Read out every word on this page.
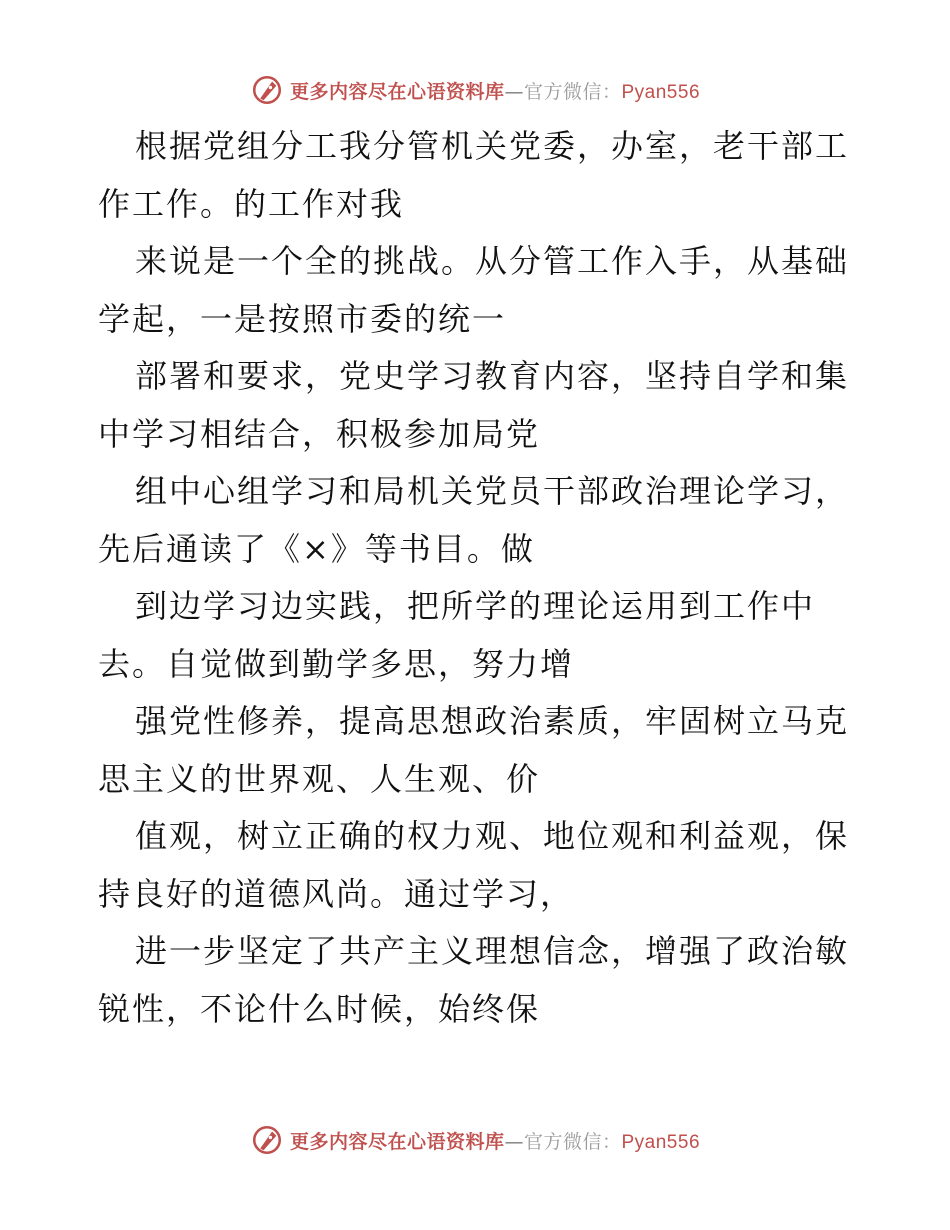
更多内容尽在心语资料库—官方微信：Pyan556

根据党组分工我分管机关党委，办室，老干部工
作工作。的工作对我

来说是一个全的挑战。从分管工作入手，从基础
学起，一是按照市委的统一

部署和要求，党史学习教育内容，坚持自学和集
中学习相结合，积极参加局党

组中心组学习和局机关党员干部政治理论学习，
先后通读了《×》等书目。做

到边学习边实践，把所学的理论运用到工作中
去。自觉做到勤学多思，努力增

强党性修养，提高思想政治素质，牢固树立马克
思主义的世界观、人生观、价

值观，树立正确的权力观、地位观和利益观，保
持良好的道德风尚。通过学习，

进一步坚定了共产主义理想信念，增强了政治敏
锐性，不论什么时候，始终保

更多内容尽在心语资料库—官方微信：Pyan556
